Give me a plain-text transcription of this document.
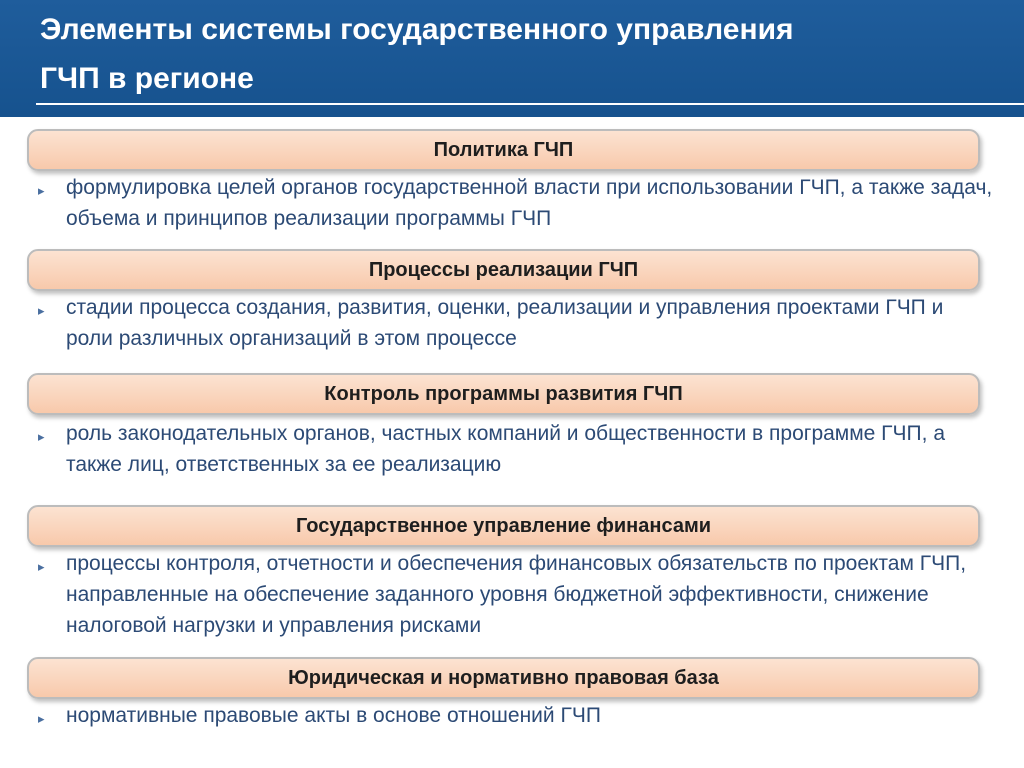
Элементы системы государственного управления
ГЧП в регионе
Политика ГЧП
▸ формулировка целей органов государственной власти при использовании ГЧП, а также задач, объема и принципов реализации программы ГЧП
Процессы реализации ГЧП
▸ стадии процесса создания, развития, оценки, реализации и управления проектами ГЧП и роли различных организаций в этом процессе
Контроль программы развития ГЧП
▸ роль законодательных органов, частных компаний и общественности в программе ГЧП, а также лиц, ответственных за ее реализацию
Государственное управление финансами
▸ процессы контроля, отчетности и обеспечения финансовых обязательств по проектам ГЧП, направленные на обеспечение заданного уровня бюджетной эффективности, снижение налоговой нагрузки и управления рисками
Юридическая и нормативно правовая база
▸ нормативные правовые акты в основе отношений ГЧП
